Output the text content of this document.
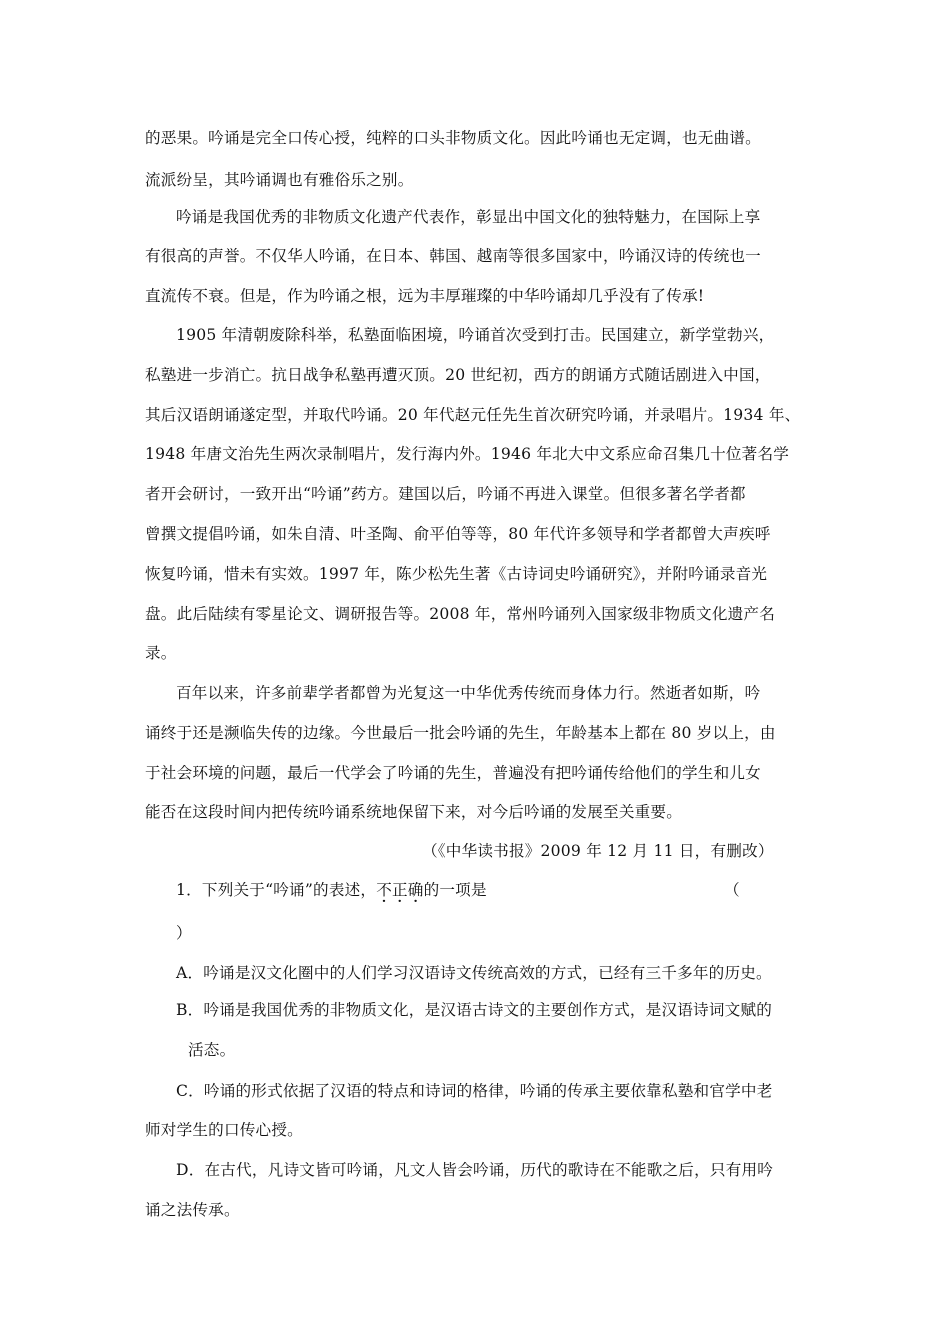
的恶果。吟诵是完全口传心授，纯粹的口头非物质文化。因此吟诵也无定调，也无曲谱。
流派纷呈，其吟诵调也有雅俗乐之别。
吟诵是我国优秀的非物质文化遗产代表作，彰显出中国文化的独特魅力，在国际上享
有很高的声誉。不仅华人吟诵，在日本、韩国、越南等很多国家中，吟诵汉诗的传统也一
直流传不衰。但是，作为吟诵之根，远为丰厚璀璨的中华吟诵却几乎没有了传承!
1905 年清朝废除科举，私塾面临困境，吟诵首次受到打击。民国建立，新学堂勃兴，
私塾进一步消亡。抗日战争私塾再遭灭顶。20 世纪初，西方的朗诵方式随话剧进入中国，
其后汉语朗诵遂定型，并取代吟诵。20 年代赵元任先生首次研究吟诵，并录唱片。1934 年、
1948 年唐文治先生两次录制唱片，发行海内外。1946 年北大中文系应命召集几十位著名学
者开会研讨，一致开出“吟诵”药方。建国以后，吟诵不再进入课堂。但很多著名学者都
曾撰文提倡吟诵，如朱自清、叶圣陶、俞平伯等等，80 年代许多领导和学者都曾大声疾呼
恢复吟诵，惜未有实效。1997 年，陈少松先生著《古诗词史吟诵研究》，并附吟诵录音光
盘。此后陆续有零星论文、调研报告等。2008 年，常州吟诵列入国家级非物质文化遗产名
录。
百年以来，许多前辈学者都曾为光复这一中华优秀传统而身体力行。然逝者如斯，吟
诵终于还是濒临失传的边缘。今世最后一批会吟诵的先生，年龄基本上都在 80 岁以上，由
于社会环境的问题，最后一代学会了吟诵的先生，普遍没有把吟诵传给他们的学生和儿女
能否在这段时间内把传统吟诵系统地保留下来，对今后吟诵的发展至关重要。
（《中华读书报》2009 年 12 月 11 日，有删改）
1．下列关于“吟诵”的表述，不正确的一项是	（
）
A．吟诵是汉文化圈中的人们学习汉语诗文传统高效的方式，已经有三千多年的历史。
B．吟诵是我国优秀的非物质文化，是汉语古诗文的主要创作方式，是汉语诗词文赋的
活态。
C．吟诵的形式依据了汉语的特点和诗词的格律，吟诵的传承主要依靠私塾和官学中老
师对学生的口传心授。
D．在古代，凡诗文皆可吟诵，凡文人皆会吟诵，历代的歌诗在不能歌之后，只有用吟
诵之法传承。
